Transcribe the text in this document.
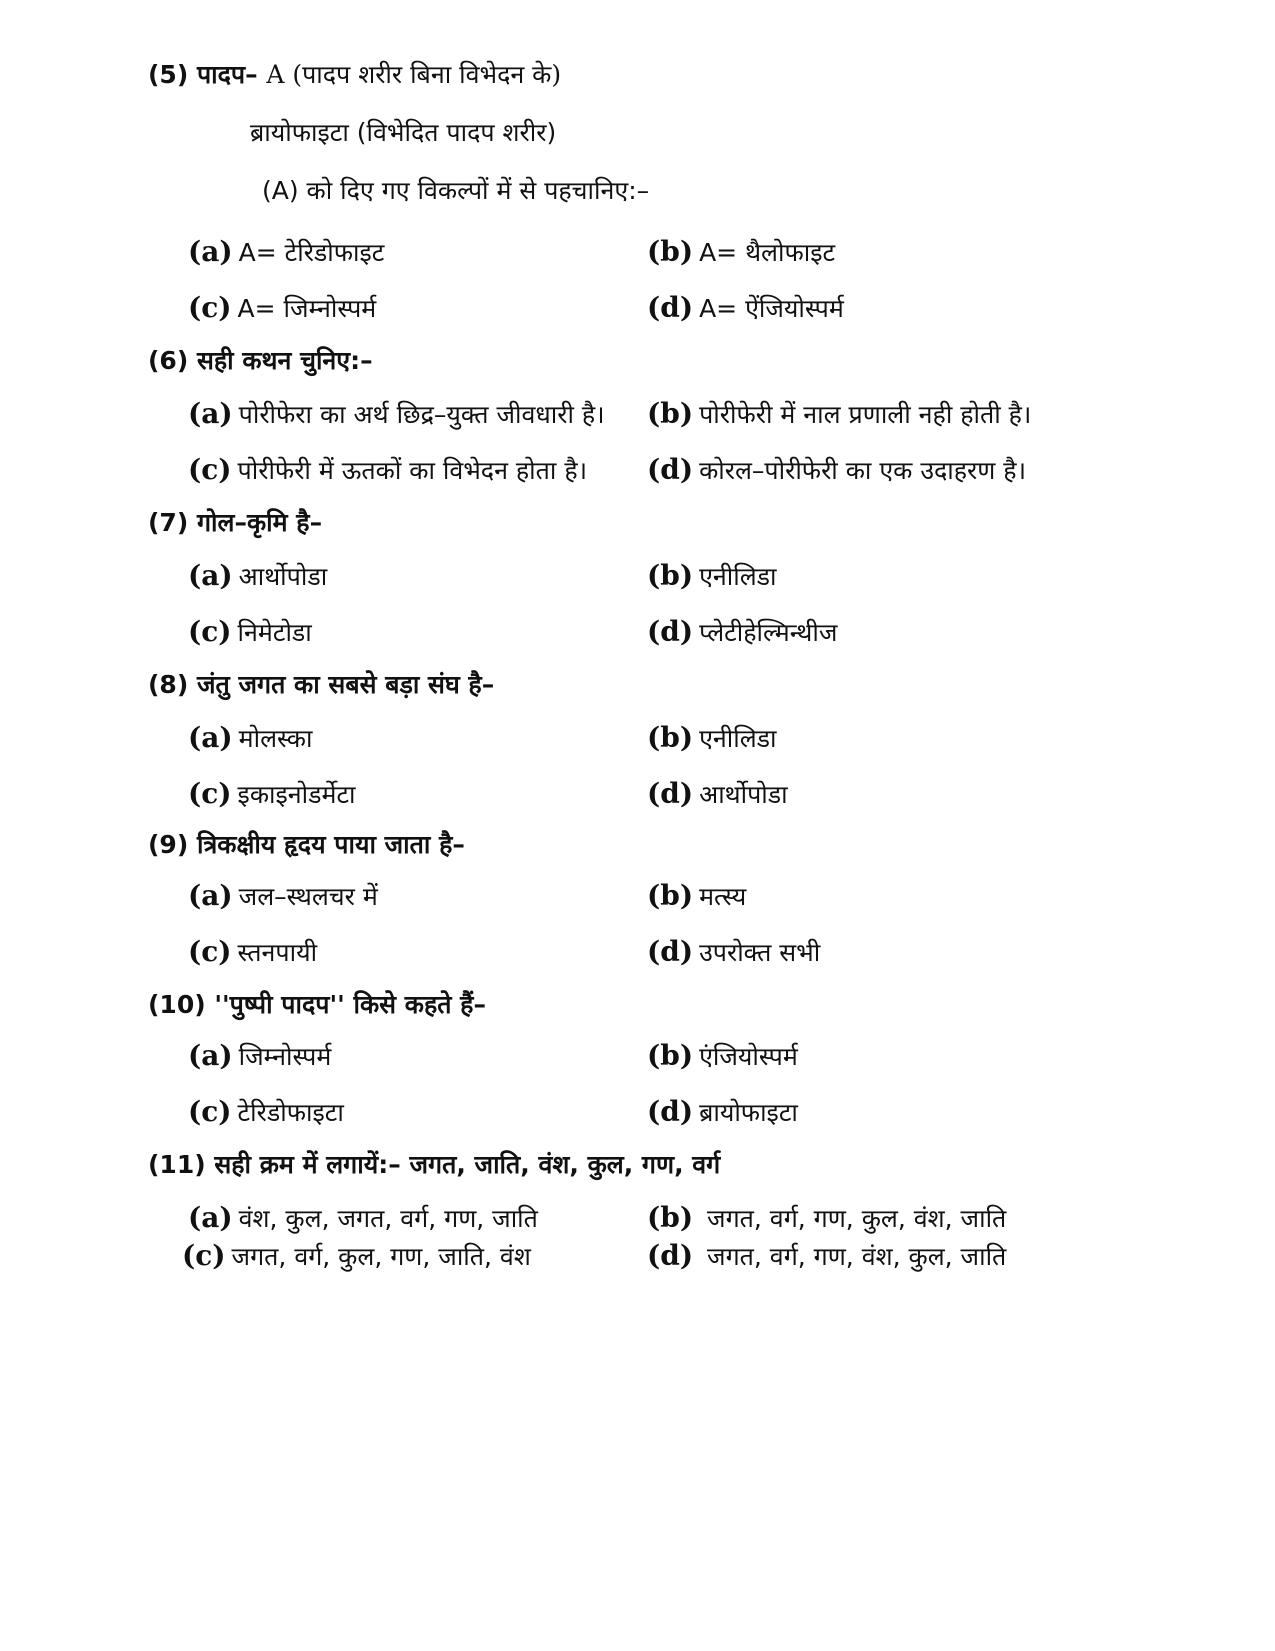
(5) पादप– A (पादप शरीर बिना विभेदन के)
ब्रायोफाइटा (विभेदित पादप शरीर)
(A) को दिए गए विकल्पों में से पहचानिए:–
(a) A= टेरिडोफाइट	(b) A= थैलोफाइट
(c) A= जिम्नोस्पर्म	(d) A= ऐंजियोस्पर्म
(6) सही कथन चुनिए:–
(a) पोरीफेरा का अर्थ छिद्र–युक्त जीवधारी है। (b) पोरीफेरी में नाल प्रणाली नही होती है।
(c) पोरीफेरी में ऊतकों का विभेदन होता है। (d) कोरल–पोरीफेरी का एक उदाहरण है।
(7) गोल–कृमि है–
(a) आर्थोपोडा	(b) एनीलिडा
(c) निमेटोडा	(d) प्लेटीहेल्मिन्थीज
(8) जंतु जगत का सबसे बड़ा संघ है–
(a) मोलस्का	(b) एनीलिडा
(c) इकाइनोडर्मेटा	(d) आर्थोपोडा
(9) त्रिकक्षीय हृदय पाया जाता है–
(a) जल–स्थलचर में	(b) मत्स्य
(c) स्तनपायी	(d) उपरोक्त सभी
(10) ''पुष्पी पादप'' किसे कहते हैं–
(a) जिम्नोस्पर्म	(b) एंजियोस्पर्म
(c) टेरिडोफाइटा	(d) ब्रायोफाइटा
(11) सही क्रम में लगायें:– जगत, जाति, वंश, कुल, गण, वर्ग
(a) वंश, कुल, जगत, वर्ग, गण, जाति	(b) जगत, वर्ग, गण, कुल, वंश, जाति
(c) जगत, वर्ग, कुल, गण, जाति, वंश	(d) जगत, वर्ग, गण, वंश, कुल, जाति
